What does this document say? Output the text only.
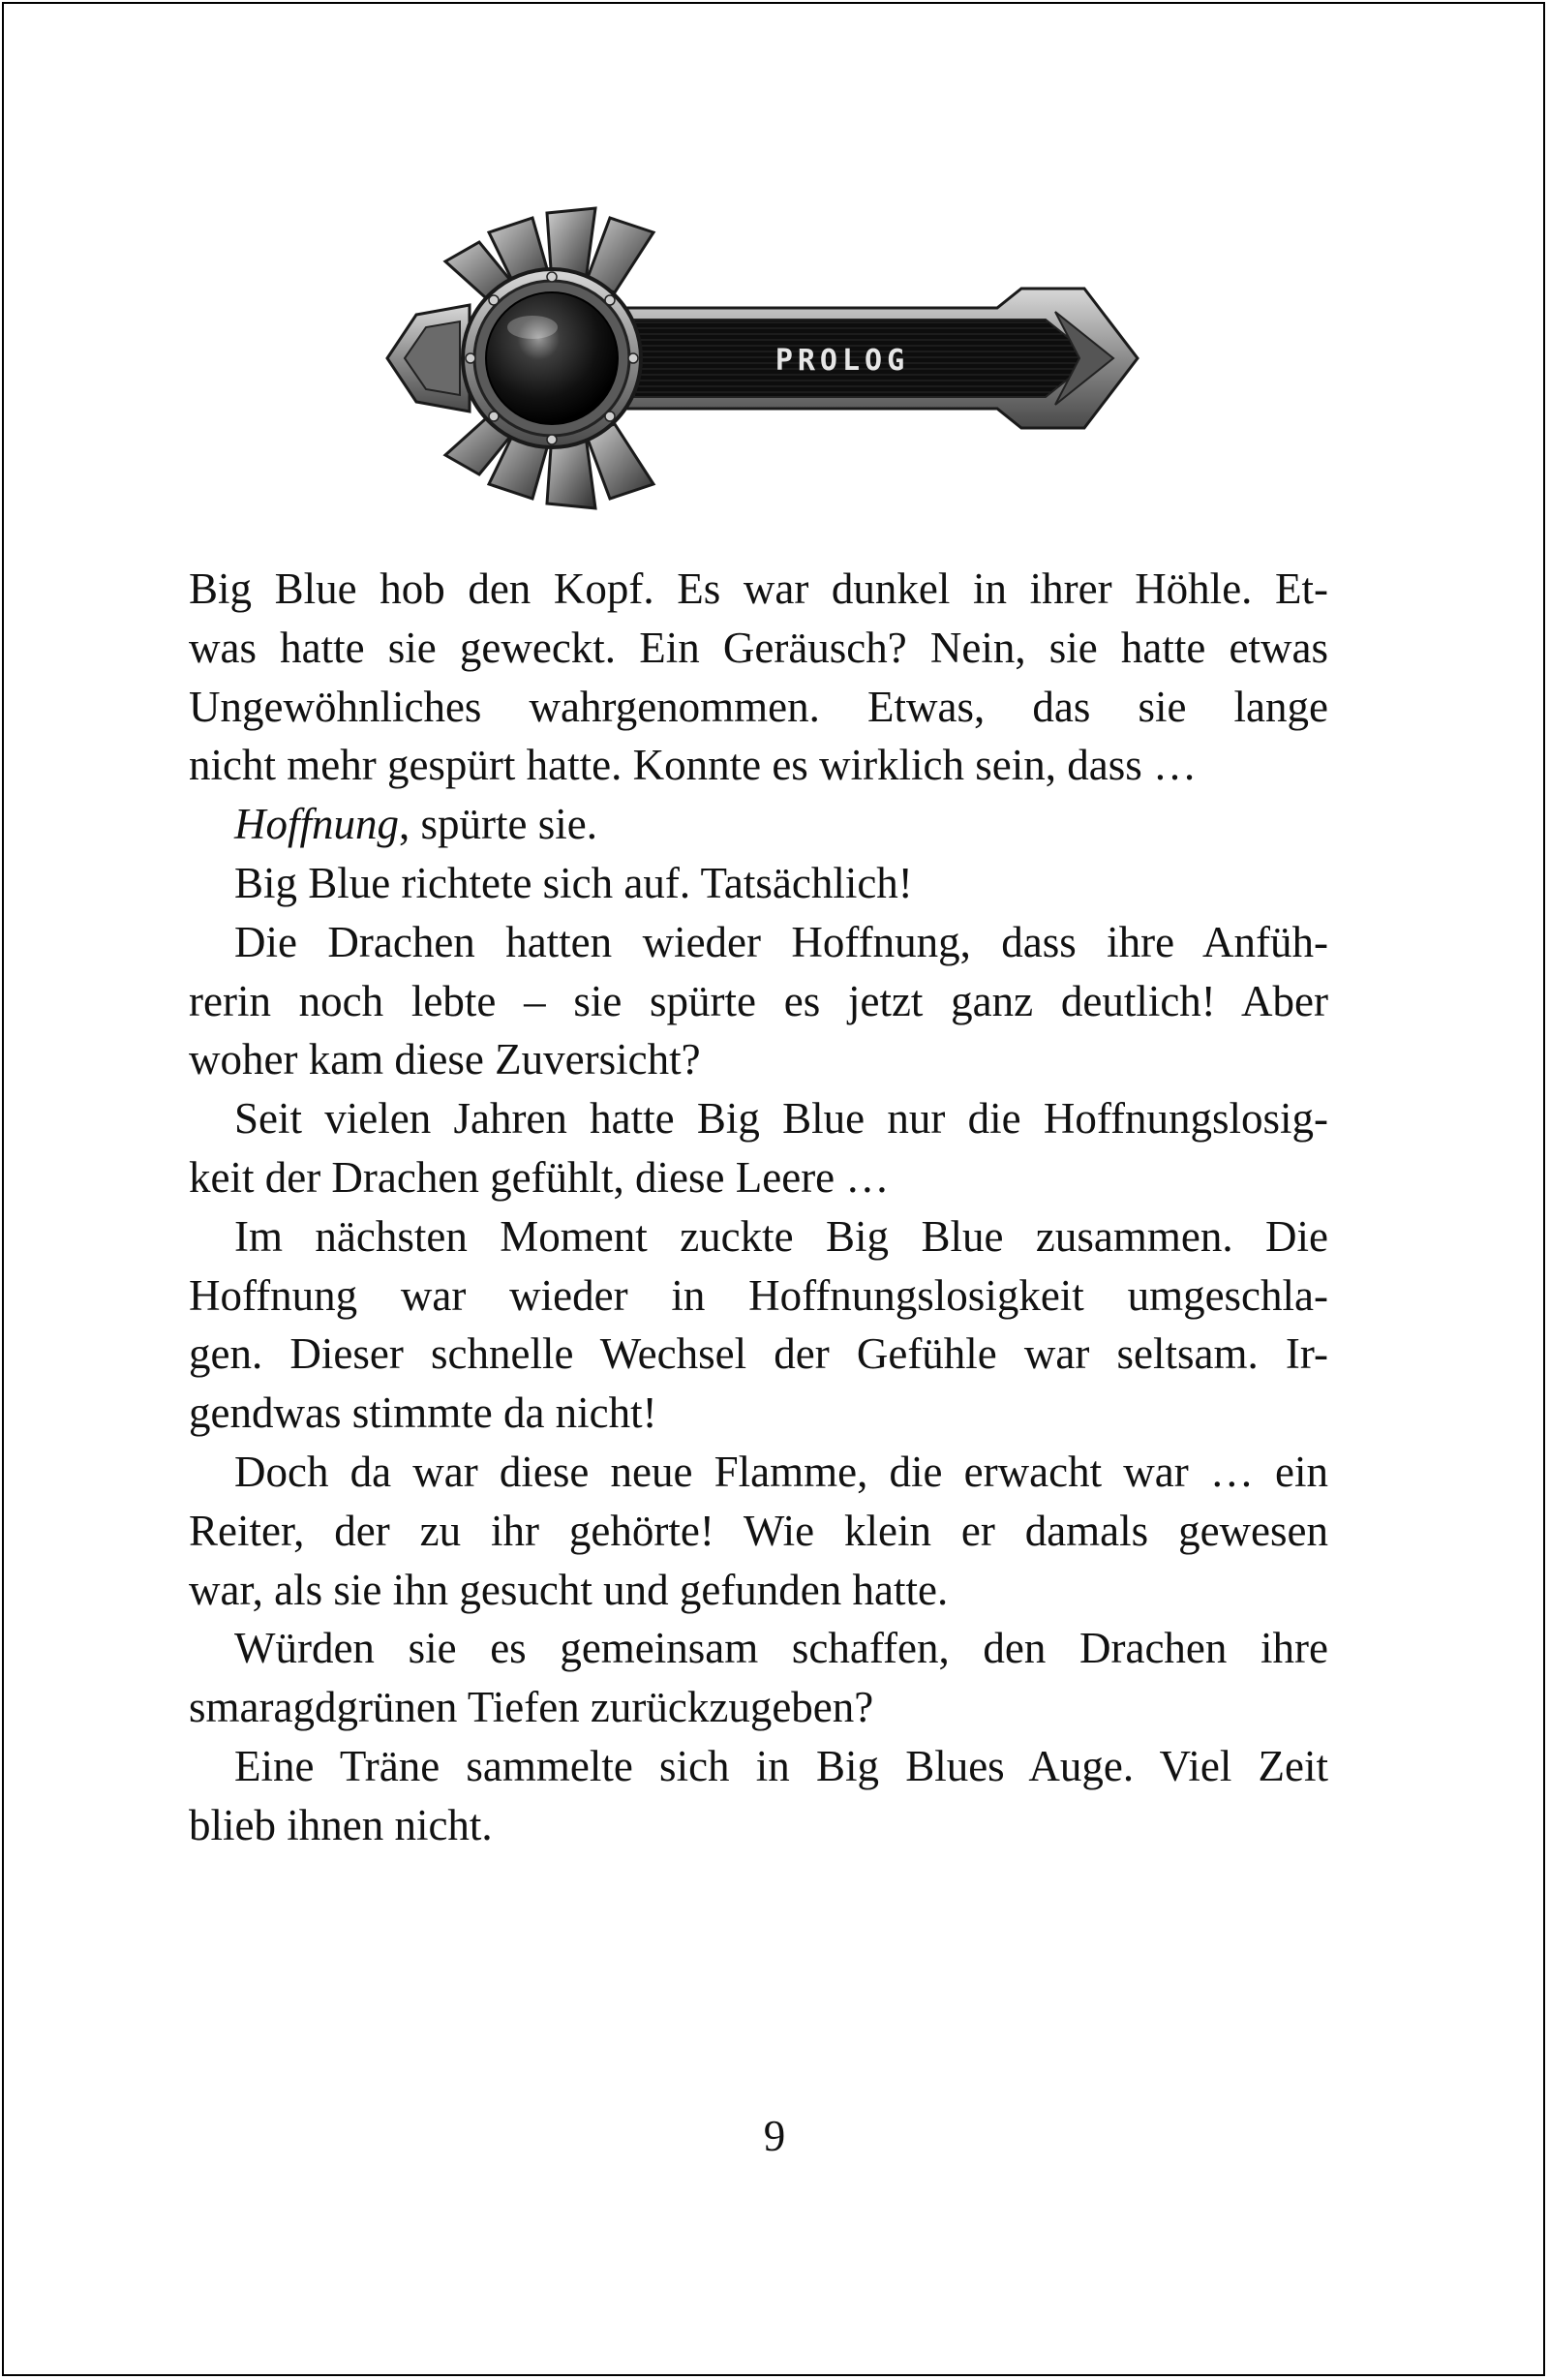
PROLOG

Big Blue hob den Kopf. Es war dunkel in ihrer Höhle. Et-
was hatte sie geweckt. Ein Geräusch? Nein, sie hatte etwas
Ungewöhnliches wahrgenommen. Etwas, das sie lange
nicht mehr gespürt hatte. Konnte es wirklich sein, dass …

Hoffnung, spürte sie.

Big Blue richtete sich auf. Tatsächlich!

Die Drachen hatten wieder Hoffnung, dass ihre Anfüh-
rerin noch lebte – sie spürte es jetzt ganz deutlich! Aber
woher kam diese Zuversicht?

Seit vielen Jahren hatte Big Blue nur die Hoffnungslosig-
keit der Drachen gefühlt, diese Leere …

Im nächsten Moment zuckte Big Blue zusammen. Die
Hoffnung war wieder in Hoffnungslosigkeit umgeschla-
gen. Dieser schnelle Wechsel der Gefühle war seltsam. Ir-
gendwas stimmte da nicht!

Doch da war diese neue Flamme, die erwacht war … ein
Reiter, der zu ihr gehörte! Wie klein er damals gewesen
war, als sie ihn gesucht und gefunden hatte.

Würden sie es gemeinsam schaffen, den Drachen ihre
smaragdgrünen Tiefen zurückzugeben?

Eine Träne sammelte sich in Big Blues Auge. Viel Zeit
blieb ihnen nicht.

9
